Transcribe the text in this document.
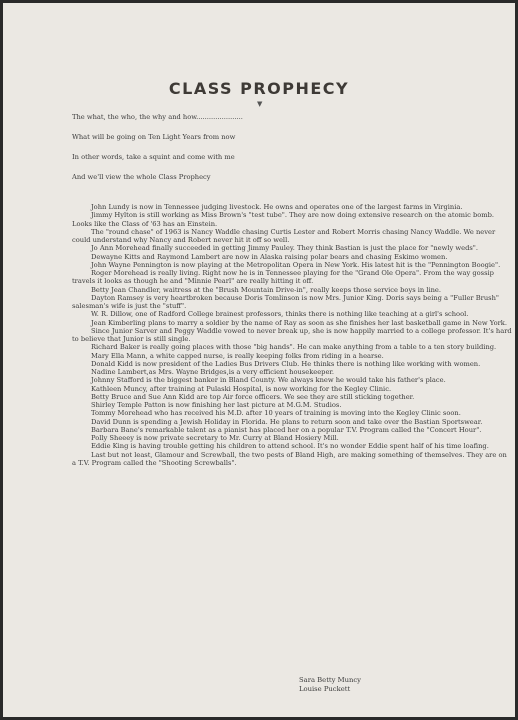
CLASS PROPHECY
▼
The what, the who, the why and how......................
What will be going on Ten Light Years from now
In other words, take a squint and come with me
And we'll view the whole Class Prophecy

John Lundy is now in Tennessee judging livestock. He owns and operates one of the largest farms in Virginia.

Jimmy Hylton is still working as Miss Brown's "test tube". They are now doing extensive research on the atomic bomb. Looks like the Class of '63 has an Einstein.

The "round chase" of 1963 is Nancy Waddle chasing Curtis Lester and Robert Morris chasing Nancy Waddle. We never could understand why Nancy and Robert never hit it off so well.

Jo Ann Morehead finally succeeded in getting Jimmy Pauley. They think Bastian is just the place for "newly weds".

Dewayne Kitts and Raymond Lambert are now in Alaska raising polar bears and chasing Eskimo women.

John Wayne Pennington is now playing at the Metropolitan Opera in New York. His latest hit is the "Pennington Boogie".

Roger Morehead is really living. Right now he is in Tennessee playing for the "Grand Ole Opera". From the way gossip travels it looks as though he and "Minnie Pearl" are really hitting it off.

Betty Jean Chandler, waitress at the "Brush Mountain Drive-in", really keeps those service boys in line.

Dayton Ramsey is very heartbroken because Doris Tomlinson is now Mrs. Junior King. Doris says being a "Fuller Brush" salesman's wife is just the "stuff".

W. R. Dillow, one of Radford College brainest professors, thinks there is nothing like teaching at a girl's school.

Jean Kimberling plans to marry a soldier by the name of Ray as soon as she finishes her last basketball game in New York.

Since Junior Sarver and Peggy Waddle vowed to never break up, she is now happily married to a college professor. It's hard to believe that Junior is still single.

Richard Baker is really going places with those "big hands". He can make anything from a table to a ten story building.

Mary Ella Mann, a white capped nurse, is really keeping folks from riding in a hearse.

Donald Kidd is now president of the Ladies Bus Drivers Club. He thinks there is nothing like working with women.

Nadine Lambert,as Mrs. Wayne Bridges,is a very efficient housekeeper.

Johnny Stafford is the biggest banker in Bland County. We always knew he would take his father's place.

Kathleen Muncy, after training at Pulaski Hospital, is now working for the Kegley Clinic.

Betty Bruce and Sue Ann Kidd are top Air force officers. We see they are still sticking together.

Shirley Temple Patton is now finishing her last picture at M.G.M. Studios.

Tommy Morehead who has received his M.D. after 10 years of training is moving into the Kegley Clinic soon.

David Dunn is spending a Jewish Holiday in Florida. He plans to return soon and take over the Bastian Sportswear.

Barbara Bane's remarkable talent as a pianist has placed her on a popular T.V. Program called the "Concert Hour".

Polly Sheeey is now private secretary to Mr. Curry at Bland Hosiery Mill.

Eddie King is having trouble getting his children to attend school. It's no wonder Eddie spent half of his time loafing.

Last but not least, Glamour and Screwball, the two pests of Bland High, are making something of themselves. They are on a T.V. Program called the "Shooting Screwballs".

Sara Betty Muncy
Louise Puckett
